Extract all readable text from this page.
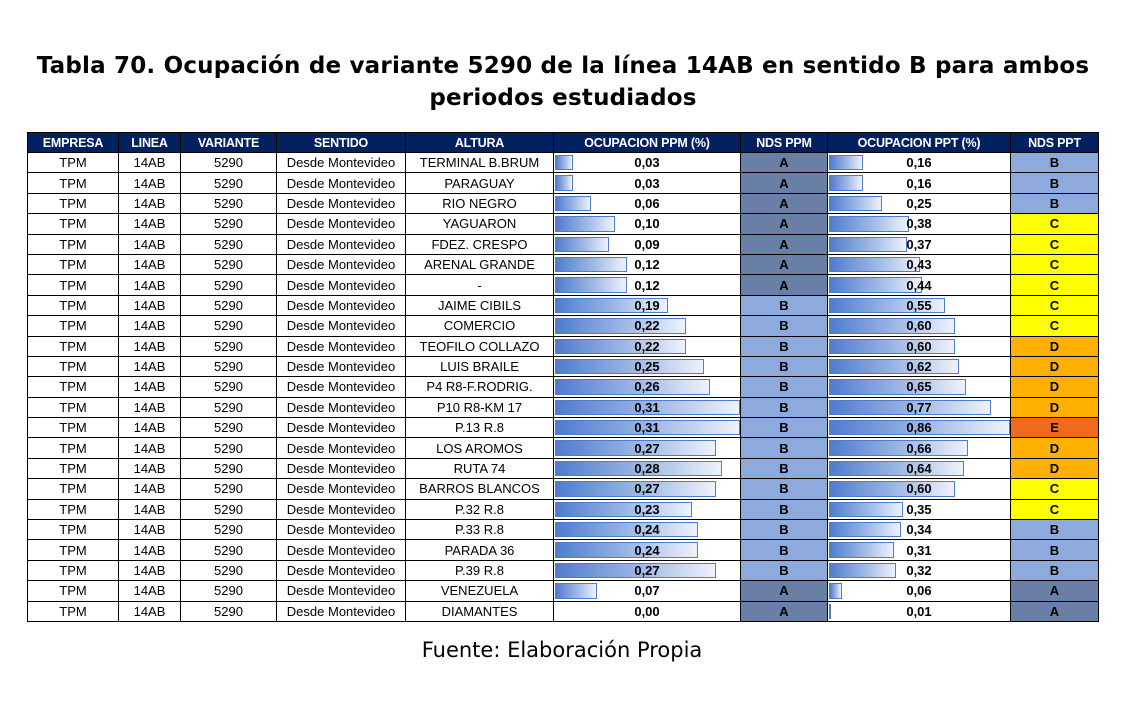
Tabla 70. Ocupación de variante 5290 de la línea 14AB en sentido B para ambos
periodos estudiados
EMPRESA	LINEA	VARIANTE	SENTIDO	ALTURA	OCUPACION PPM (%)	NDS PPM	OCUPACION PPT (%)	NDS PPT
TPM	14AB	5290	Desde Montevideo	TERMINAL B.BRUM	0,03	A	0,16	B
TPM	14AB	5290	Desde Montevideo	PARAGUAY	0,03	A	0,16	B
TPM	14AB	5290	Desde Montevideo	RIO NEGRO	0,06	A	0,25	B
TPM	14AB	5290	Desde Montevideo	YAGUARON	0,10	A	0,38	C
TPM	14AB	5290	Desde Montevideo	FDEZ. CRESPO	0,09	A	0,37	C
TPM	14AB	5290	Desde Montevideo	ARENAL GRANDE	0,12	A	0,43	C
TPM	14AB	5290	Desde Montevideo	-	0,12	A	0,44	C
TPM	14AB	5290	Desde Montevideo	JAIME CIBILS	0,19	B	0,55	C
TPM	14AB	5290	Desde Montevideo	COMERCIO	0,22	B	0,60	C
TPM	14AB	5290	Desde Montevideo	TEOFILO COLLAZO	0,22	B	0,60	D
TPM	14AB	5290	Desde Montevideo	LUIS BRAILE	0,25	B	0,62	D
TPM	14AB	5290	Desde Montevideo	P4 R8-F.RODRIG.	0,26	B	0,65	D
TPM	14AB	5290	Desde Montevideo	P10 R8-KM 17	0,31	B	0,77	D
TPM	14AB	5290	Desde Montevideo	P.13 R.8	0,31	B	0,86	E
TPM	14AB	5290	Desde Montevideo	LOS AROMOS	0,27	B	0,66	D
TPM	14AB	5290	Desde Montevideo	RUTA 74	0,28	B	0,64	D
TPM	14AB	5290	Desde Montevideo	BARROS BLANCOS	0,27	B	0,60	C
TPM	14AB	5290	Desde Montevideo	P.32 R.8	0,23	B	0,35	C
TPM	14AB	5290	Desde Montevideo	P.33 R.8	0,24	B	0,34	B
TPM	14AB	5290	Desde Montevideo	PARADA 36	0,24	B	0,31	B
TPM	14AB	5290	Desde Montevideo	P.39 R.8	0,27	B	0,32	B
TPM	14AB	5290	Desde Montevideo	VENEZUELA	0,07	A	0,06	A
TPM	14AB	5290	Desde Montevideo	DIAMANTES	0,00	A	0,01	A
Fuente: Elaboración Propia
